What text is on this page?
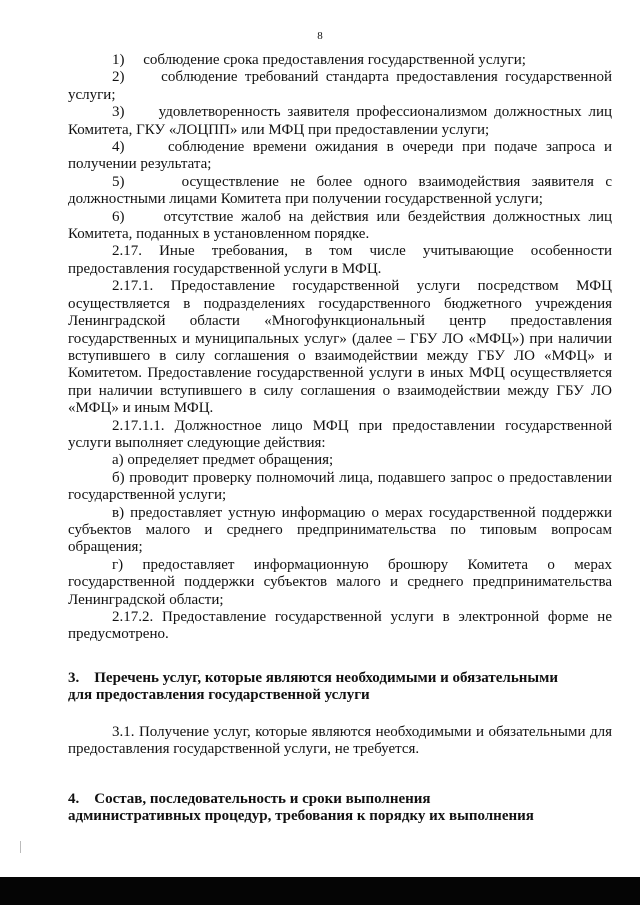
8

1)     соблюдение срока предоставления государственной услуги;

2)     соблюдение требований стандарта предоставления государственной услуги;

3)     удовлетворенность заявителя профессионализмом должностных лиц Комитета, ГКУ «ЛОЦПП» или МФЦ при предоставлении услуги;

4)     соблюдение времени ожидания в очереди при подаче запроса и получении результата;

5)     осуществление не более одного взаимодействия заявителя с должностными лицами Комитета при получении государственной услуги;

6)     отсутствие жалоб на действия или бездействия должностных лиц Комитета, поданных в установленном порядке.

2.17. Иные требования, в том числе учитывающие особенности предоставления государственной услуги в МФЦ.

2.17.1. Предоставление государственной услуги посредством МФЦ осуществляется в подразделениях государственного бюджетного учреждения Ленинградской области «Многофункциональный центр предоставления государственных и муниципальных услуг» (далее – ГБУ ЛО «МФЦ») при наличии вступившего в силу соглашения о взаимодействии между ГБУ ЛО «МФЦ» и Комитетом. Предоставление государственной услуги в иных МФЦ осуществляется при наличии вступившего в силу соглашения о взаимодействии между ГБУ ЛО «МФЦ» и иным МФЦ.

2.17.1.1. Должностное лицо МФЦ при предоставлении государственной услуги выполняет следующие действия:

а) определяет предмет обращения;

б) проводит проверку полномочий лица, подавшего запрос о предоставлении государственной услуги;

в) предоставляет устную информацию о мерах государственной поддержки субъектов малого и среднего предпринимательства по типовым вопросам обращения;

г) предоставляет информационную брошюру Комитета о мерах государственной поддержки субъектов малого и среднего предпринимательства Ленинградской области;

2.17.2. Предоставление государственной услуги в электронной форме не предусмотрено.

3.    Перечень услуг, которые являются необходимыми и обязательными
для предоставления государственной услуги

3.1. Получение услуг, которые являются необходимыми и обязательными для предоставления государственной услуги, не требуется.

4.    Состав, последовательность и сроки выполнения
административных процедур, требования к порядку их выполнения
